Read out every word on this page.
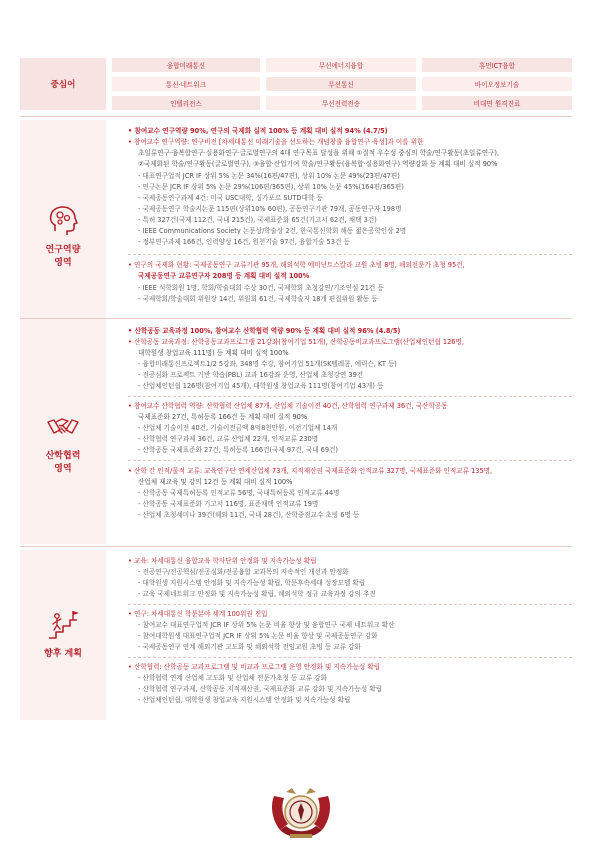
중심어
융합미래통신	무선에너지융합	휴먼ICT융합
통신·네트워크	무선통신	바이오정보기술
인텔리전스	무선전력전송	비대면 원격진료
연구역량
영역
• 참여교수 연구역량 90%, 연구의 국제화 실적 100% 등 계획 대비 실적 94% (4.7/5)
• 참여교수 연구역량: 연구비전 [차세대통신 미래기술을 선도하는 개념창출 융합연구 육성]과 이를 위한
초일류연구·융복합연구·실용화연구·글로벌연구의 4대 연구목표 달성을 위해 ①질적 우수성 중심의 학술/연구활동(초일류연구),
②국제화된 학술/연구활동(글로벌연구), ③융합·산업기여 학술/연구활동(융복합·실용화연구) 역량강화 등 계획 대비 실적 90%
- 대표연구업적 JCR IF 상위 5% 논문 34%(16편/47편), 상위 10% 논문 49%(23편/47편)
- 연구논문 JCR IF 상위 5% 논문 29%(106편/365편), 상위 10% 논문 45%(164편/365편)
- 국제공동연구과제 4건: 미국 USC대학, 싱가포르 SUTD대학 등
- 국제공동연구 학술지논문 115편(상위10% 60편), 공동연구기관 79개, 공동연구자 198명
- 특허 327건(국제 112건, 국내 215건), 국제표준화 65건(기고서 62건, 채택 3건)
- IEEE Communications Society 논문상/학술상 2건, 한국통신학회 해동 젊은공학인상 2명
- 정부연구과제 166건, 인력양성 16건, 원천기술 97건, 융합기술 53건 등
• 연구의 국제화 현황: 국제공동연구 교류기관 95개, 해외석학 에미넌트스칼라 교원 초빙 8명, 해외전문가 초청 95건,
국제공동연구 교류연구자 208명 등 계획 대비 실적 100%
- IEEE 석학회원 1명, 학회/학술대회 수상 30건, 국제학회 초청강연/기조연설 21건 등
- 국제학회/학술대회 위원장 14건, 위원회 61건, 국제학술지 18개 편집위원 활동 등
산학협력
영역
• 산학공동 교육과정 100%, 참여교수 산학협력 역량 90% 등 계획 대비 실적 96% (4.8/5)
• 산학공동 교육과정: 산학공동교과프로그램 21강좌(참여기업 51개), 산학공동비교과프로그램(산업체인턴쉽 126명,
대학원생 창업교육 111명) 등 계획 대비 실적 100%
- 융합미래통신프로젝트1/2 5강좌, 348명 수강, 참여기업 51개(SK텔레콤, 에릭슨, KT 등)
- 전공심화 프로젝트 기반 학습(PBL) 교과 16강좌 운영, 산업체 초청강연 39건
- 산업체인턴쉽 126명(참여기업 45개), 대학원생 창업교육 111명(참여기업 43개) 등
• 참여교수 산학협력 역량: 산학협력 산업체 87개, 산업체 기술이전 40건, 산학협력 연구과제 36건, 국산학공동
국제표준화 27건, 특허등록 166건 등 계획 대비 실적 90%
- 산업체 기술이전 40건, 기술이전금액 8억8천만원, 이전기업체 14개
- 산학협력 연구과제 36건, 교류 산업체 22개, 인적교류 230명
- 산학공동 국제표준화 27건, 특허등록 166건(국제 97건, 국내 69건)
• 산학 간 인적/물적 교류: 교육연구단 연계산업체 73개, 지적재산권 국제표준화 인적교류 327명, 국제표준화 인적교류 135명,
산업체 재교육 및 강의 12건 등 계획 대비 실적 100%
- 산학공동 국제특허등록 인적교류 56명, 국내특허등록 인적교류 44명
- 산학공동 국제표준화 기고서 116명, 표준채택 인적교류 19명
- 산업체 초청세미나 39건(해외 11건, 국내 28건), 산학중점교수 초빙 6명 등
향후 계획
• 교육: 차세대통신 융합교육 학사단위 안정화 및 지속가능성 확립
- 전공연구/전공핵심/전공심화/전공융합 교과목의 지속적인 개선과 안정화
- 대학원생 지원시스템 안정화 및 지속가능성 확립, 학문후속세대 성장모델 확립
- 교육 국제네트워크 안정화 및 지속가능성 확립, 해외석학 정규 교육과정 강의 추진
• 연구: 차세대통신 학문분야 세계 100위권 진입
- 참여교수 대표연구업적 JCR IF 상위 5% 논문 비율 향상 및 융합연구 국제 네트워크 확산
- 참여대학원생 대표연구업적 JCR IF 상위 5% 논문 비율 향상 및 국제공동연구 강화
- 국제공동연구 연계 해외기관 고도화 및 해외석학 전임교원 초빙 등 교류 강화
• 산학협력: 산학공동 교과프로그램 및 비교과 프로그램 운영 안정화 및 지속가능성 확립
- 산학협력 연계 산업체 고도화 및 산업체 전문가초청 등 교류 강화
- 산학협력 연구과제, 산학공동 지적재산권, 국제표준화 교류 강화 및 지속가능성 확립
- 산업체인턴쉽, 대학원생 창업교육 지원시스템 안정화 및 지속가능성 확립
